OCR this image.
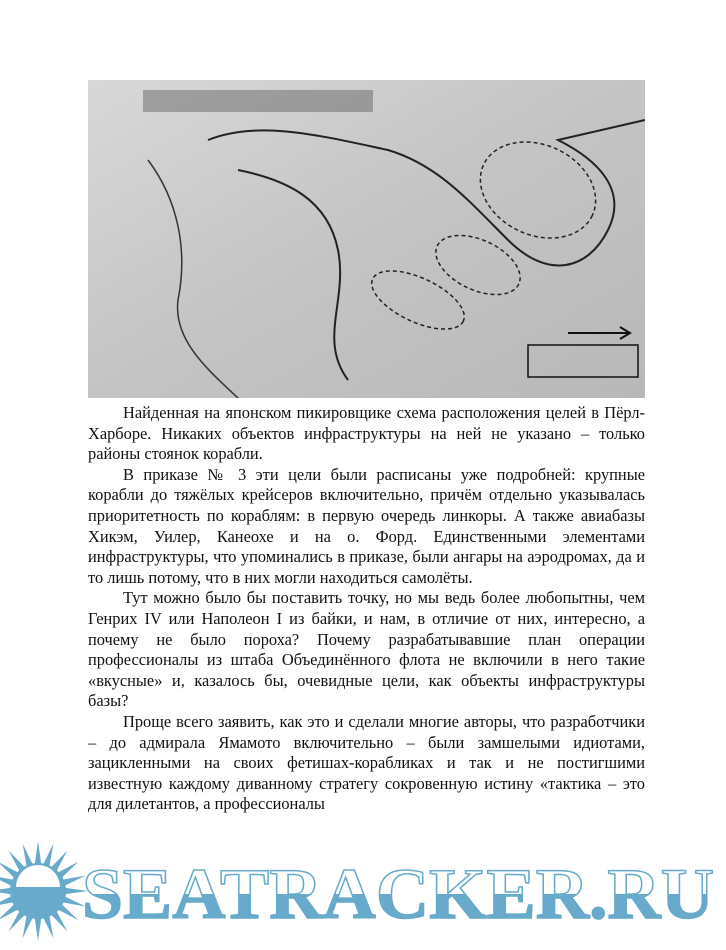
Найденная на японском пикировщике схема расположения целей в Пёрл-Харборе. Никаких объектов инфраструктуры на ней не указано – только районы стоянок корабли.

В приказе № 3 эти цели были расписаны уже подробней: крупные корабли до тяжёлых крейсеров включительно, причём отдельно указывалась приоритетность по кораблям: в первую очередь линкоры. А также авиабазы Хикэм, Уилер, Канеохе и на о. Форд. Единственными элементами инфраструктуры, что упоминались в приказе, были ангары на аэродромах, да и то лишь потому, что в них могли находиться самолёты.

Тут можно было бы поставить точку, но мы ведь более любопытны, чем Генрих IV или Наполеон I из байки, и нам, в отличие от них, интересно, а почему не было пороха? Почему разрабатывавшие план операции профессионалы из штаба Объединённого флота не включили в него такие «вкусные» и, казалось бы, очевидные цели, как объекты инфраструктуры базы?

Проще всего заявить, как это и сделали многие авторы, что разработчики – до адмирала Ямамото включительно – были замшелыми идиотами, зацикленными на своих фетишах-корабликах и так и не постигшими известную каждому диванному стратегу сокровенную истину «тактика – это для дилетантов, а профессионалы

SEATRACKER.RU
